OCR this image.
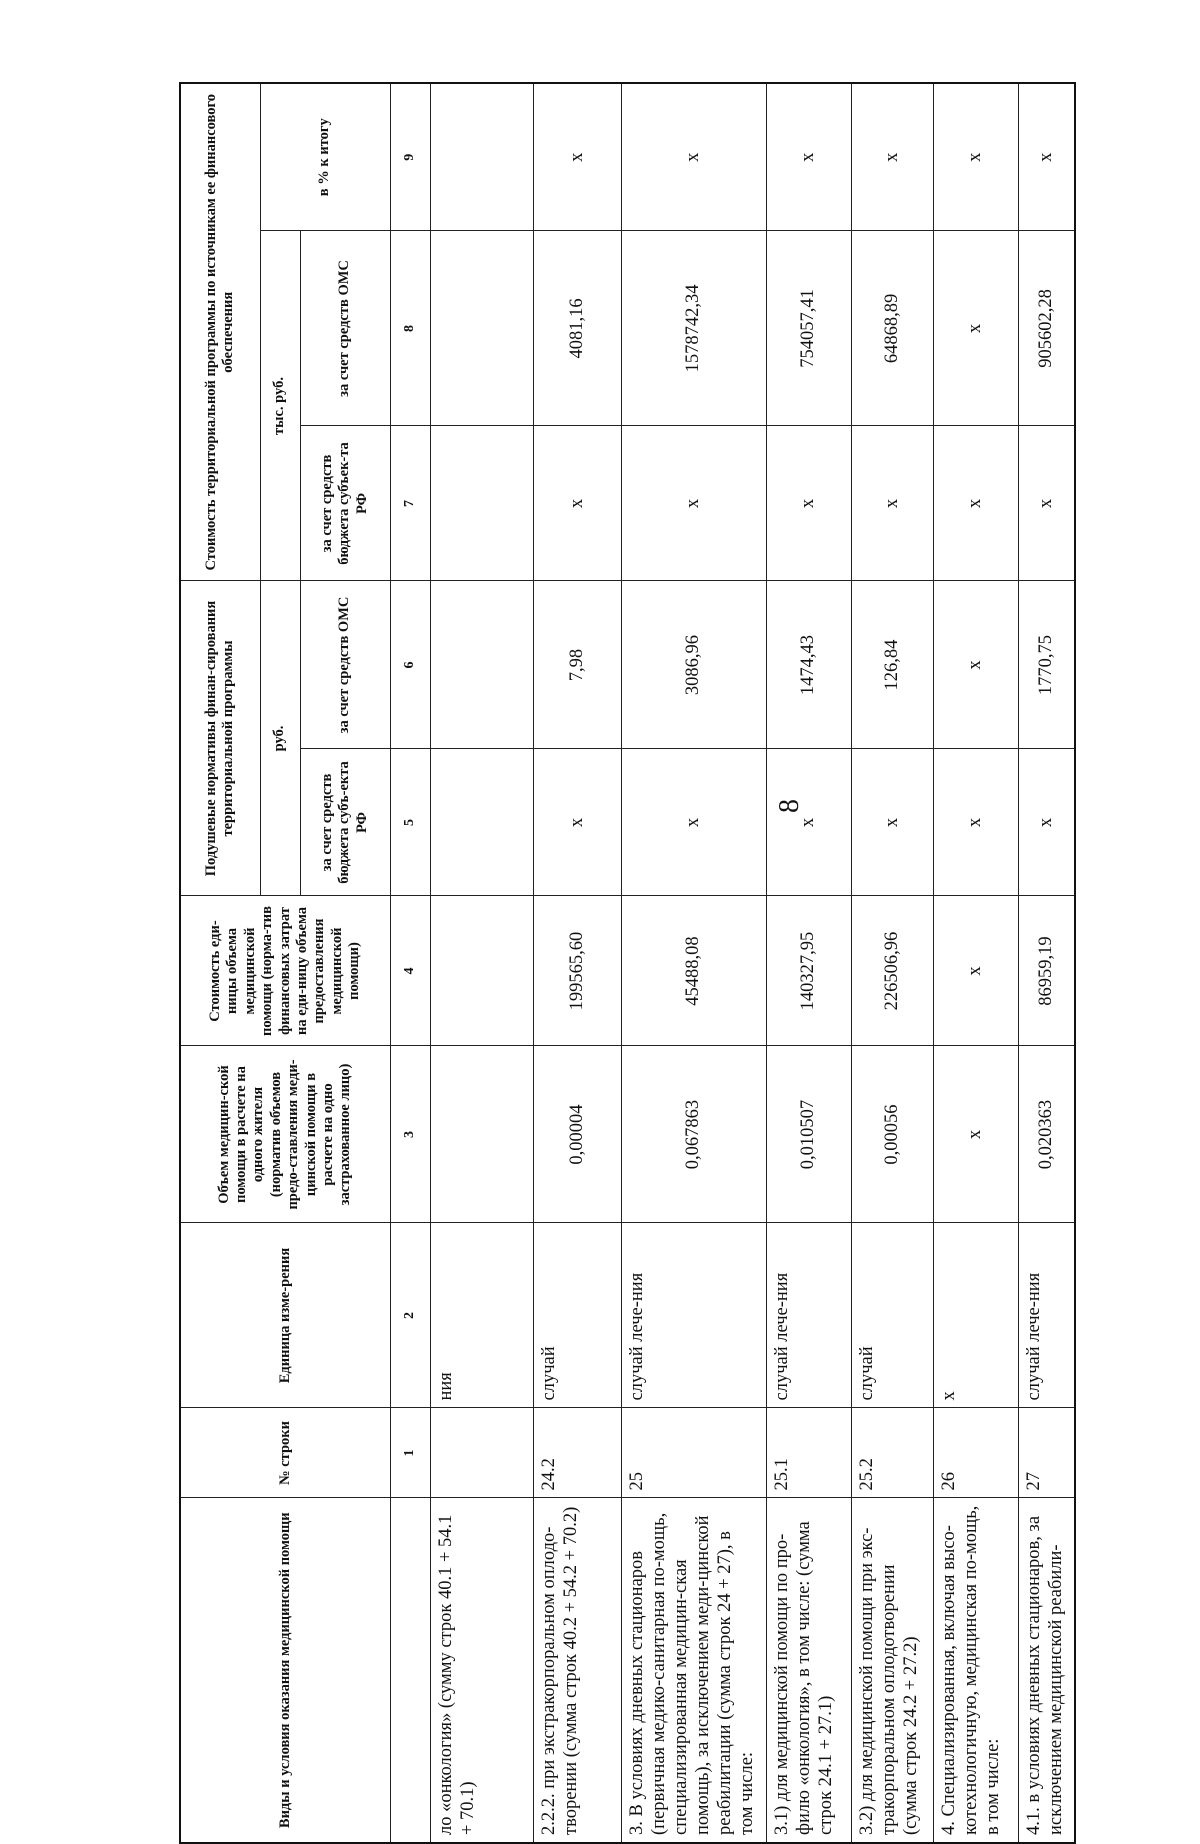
8
Виды и условия оказания медицинской помощи	№ строки	Единица изме-рения	Объем медицин-ской помощи в расчете на одного жителя (норматив объемов предо-ставления меди-цинской помощи в расчете на одно застрахованное лицо)	Стоимость еди-ницы объема медицинской помощи (норма-тив финансовых затрат на еди-ницу объема предоставления медицинской помощи)	Подушевые нормативы финан-сирования территориальной программы		Стоимость территориальной программы по источникам ее финансового обеспечения		
					руб.		тыс. руб.		в % к итогу
					за счет средств бюджета субъ-екта РФ	за счет средств ОМС	за счет средств бюджета субъек-та РФ	за счет средств ОМС	
	1	2	3	4	5	6	7	8	9
ло «онкология» (сумму строк 40.1 + 54.1 + 70.1)		ния							
2.2.2. при экстракорпоральном оплодо-творении (сумма строк 40.2 + 54.2 + 70.2)	24.2	случай	0,00004	199565,60	х	7,98	х	4081,16	х
3. В условиях дневных стационаров (первичная медико-санитарная по-мощь, специализированная медицин-ская помощь), за исключением меди-цинской реабилитации (сумма строк 24 + 27), в том числе:	25	случай лече-ния	0,067863	45488,08	х	3086,96	х	1578742,34	х
3.1) для медицинской помощи по про-филю «онкология», в том числе: (сумма строк 24.1 + 27.1)	25.1	случай лече-ния	0,010507	140327,95	х	1474,43	х	754057,41	х
3.2) для медицинской помощи при экс-тракорпоральном оплодотворении (сумма строк 24.2 + 27.2)	25.2	случай	0,00056	226506,96	х	126,84	х	64868,89	х
4. Специализированная, включая высо-котехнологичную, медицинская по-мощь, в том числе:	26	х	х	х	х	х	х	х	х
4.1. в условиях дневных стационаров, за исключением медицинской реабили-	27	случай лече-ния	0,020363	86959,19	х	1770,75	х	905602,28	х
